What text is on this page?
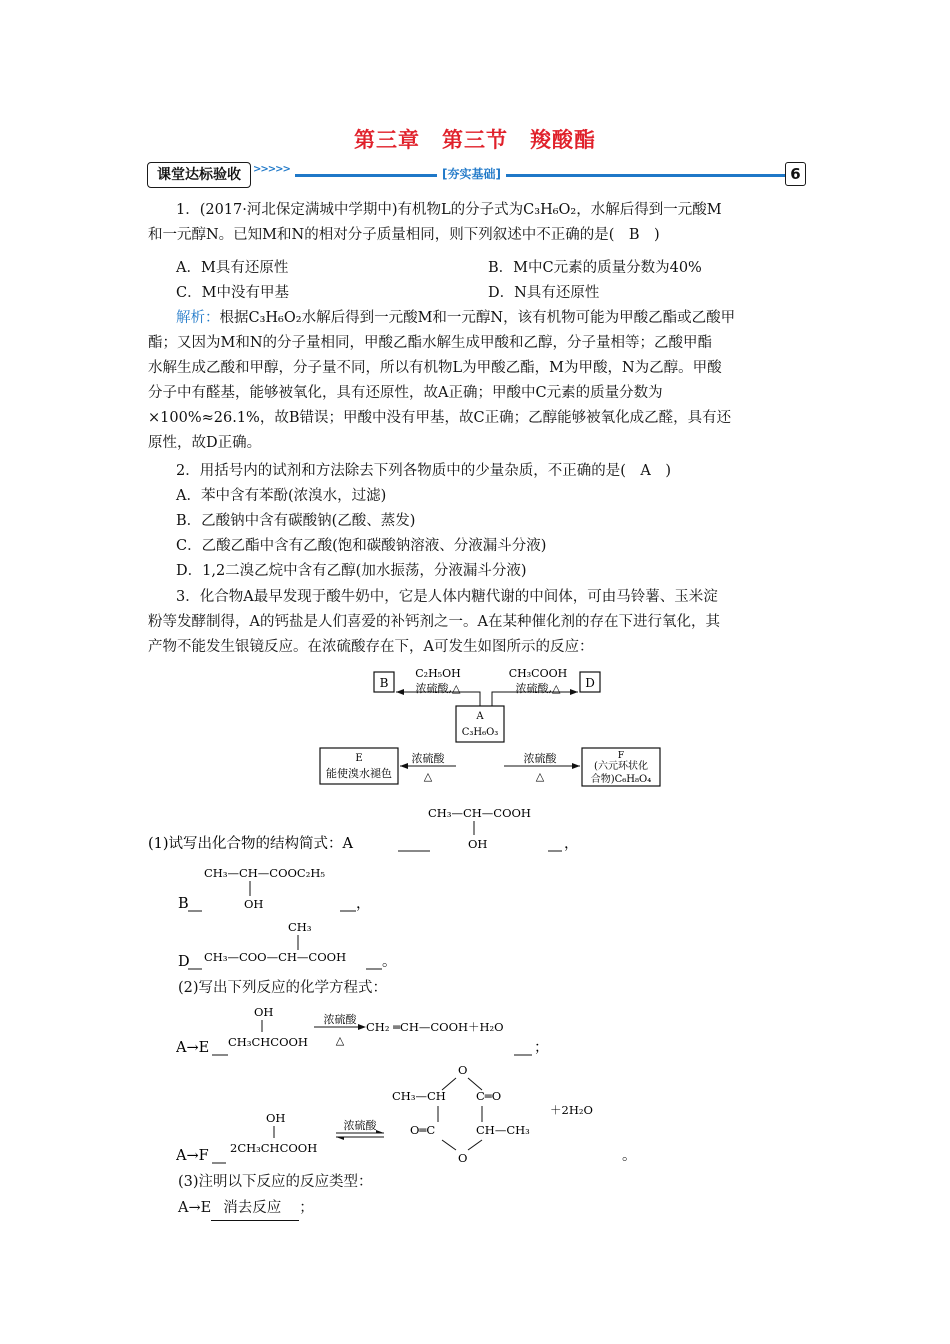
第三章　第三节　羧酸酯
课堂达标验收	>>>>>	[夯实基础]	6
1．(2017·河北保定满城中学期中)有机物L的分子式为C₃H₆O₂，水解后得到一元酸M
和一元醇N。已知M和N的相对分子质量相同，则下列叙述中不正确的是(　B　)
A．M具有还原性	B．M中C元素的质量分数为40%
C．M中没有甲基	D．N具有还原性
解析：根据C₃H₆O₂水解后得到一元酸M和一元醇N，该有机物可能为甲酸乙酯或乙酸甲
酯；又因为M和N的分子量相同，甲酸乙酯水解生成甲酸和乙醇，分子量相等；乙酸甲酯
水解生成乙酸和甲醇，分子量不同，所以有机物L为甲酸乙酯，M为甲酸，N为乙醇。甲酸
分子中有醛基，能够被氧化，具有还原性，故A正确；甲酸中C元素的质量分数为
×100%≈26.1%，故B错误；甲酸中没有甲基，故C正确；乙醇能够被氧化成乙醛，具有还
原性，故D正确。
2．用括号内的试剂和方法除去下列各物质中的少量杂质，不正确的是(　A　)
A．苯中含有苯酚(浓溴水，过滤)
B．乙酸钠中含有碳酸钠(乙酸、蒸发)
C．乙酸乙酯中含有乙酸(饱和碳酸钠溶液、分液漏斗分液)
D．1,2二溴乙烷中含有乙醇(加水振荡，分液漏斗分液)
3．化合物A最早发现于酸牛奶中，它是人体内糖代谢的中间体，可由马铃薯、玉米淀
粉等发酵制得，A的钙盐是人们喜爱的补钙剂之一。A在某种催化剂的存在下进行氧化，其
产物不能发生银镜反应。在浓硫酸存在下，A可发生如图所示的反应：
B	D
A
C₃H₆O₃
E
能使溴水褪色
F
(六元环状化
合物)C₆H₈O₄
C₂H₅OH
浓硫酸,△
CH₃COOH
浓硫酸,△
浓硫酸
△
浓硫酸
△
CH₃—CH—COOH
(1)试写出化合物的结构简式：A	OH	，
CH₃—CH—COOC₂H₅
B	OH	，
CH₃
D CH₃—COO—CH—COOH 。
(2)写出下列反应的化学方程式：
OH
A→E CH₃CHCOOH
浓硫酸
△
CH₂ ═CH—COOH＋H₂O
；
O
CH₃—CH	C═O
O═C	CH—CH₃
O
＋2H₂O
OH
A→F 2CH₃CHCOOH
浓硫酸
。
(3)注明以下反应的反应类型：
A→E 消去反应 ；
